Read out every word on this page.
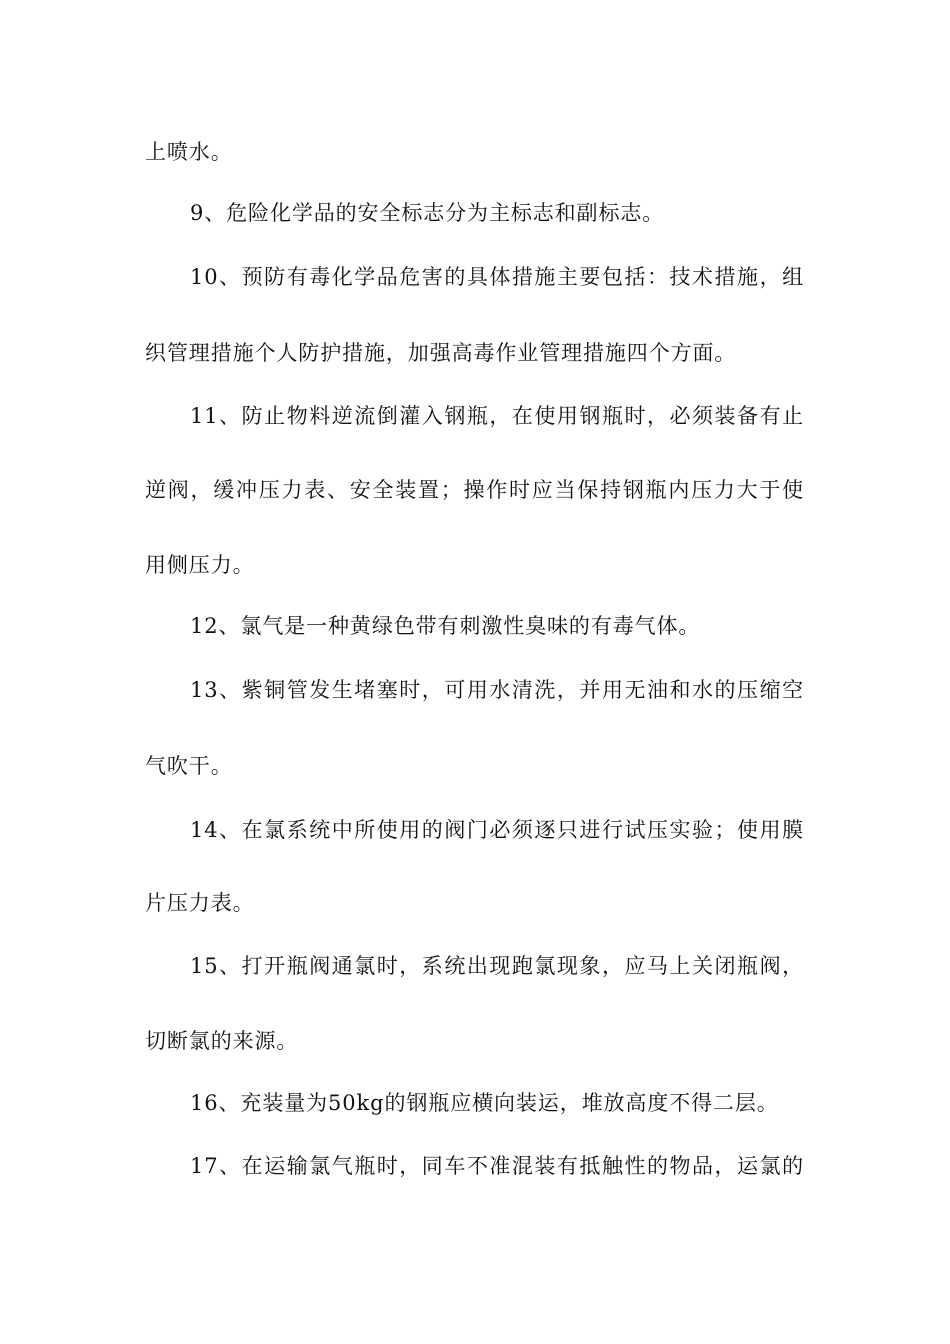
上喷水。
9、危险化学品的安全标志分为主标志和副标志。
10、预防有毒化学品危害的具体措施主要包括：技术措施，组
织管理措施个人防护措施，加强高毒作业管理措施四个方面。
11、防止物料逆流倒灌入钢瓶，在使用钢瓶时，必须装备有止
逆阀，缓冲压力表、安全装置；操作时应当保持钢瓶内压力大于使
用侧压力。
12、氯气是一种黄绿色带有刺激性臭味的有毒气体。
13、紫铜管发生堵塞时，可用水清洗，并用无油和水的压缩空
气吹干。
14、在氯系统中所使用的阀门必须逐只进行试压实验；使用膜
片压力表。
15、打开瓶阀通氯时，系统出现跑氯现象，应马上关闭瓶阀，
切断氯的来源。
16、充装量为50kg的钢瓶应横向装运，堆放高度不得二层。
17、在运输氯气瓶时，同车不准混装有抵触性的物品，运氯的
